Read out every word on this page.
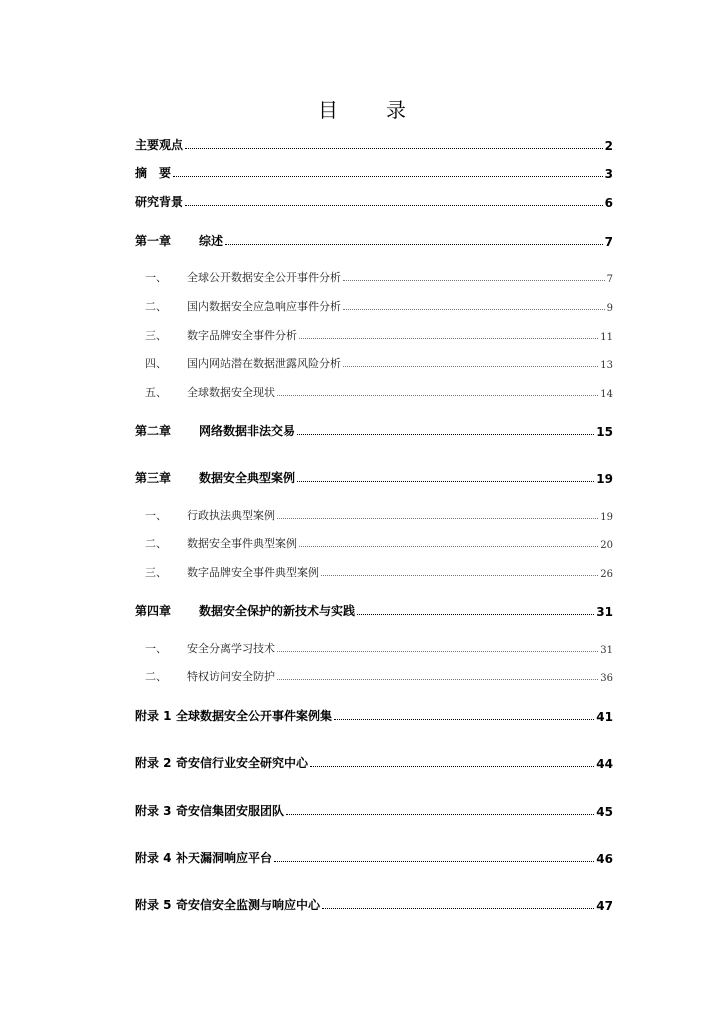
目　录
主要观点	2
摘　要	3
研究背景	6
第一章	综述	7
一、	全球公开数据安全公开事件分析	7
二、	国内数据安全应急响应事件分析	9
三、	数字品牌安全事件分析	11
四、	国内网站潜在数据泄露风险分析	13
五、	全球数据安全现状	14
第二章	网络数据非法交易	15
第三章	数据安全典型案例	19
一、	行政执法典型案例	19
二、	数据安全事件典型案例	20
三、	数字品牌安全事件典型案例	26
第四章	数据安全保护的新技术与实践	31
一、	安全分离学习技术	31
二、	特权访问安全防护	36
附录 1 全球数据安全公开事件案例集	41
附录 2 奇安信行业安全研究中心	44
附录 3 奇安信集团安服团队	45
附录 4 补天漏洞响应平台	46
附录 5 奇安信安全监测与响应中心	47
